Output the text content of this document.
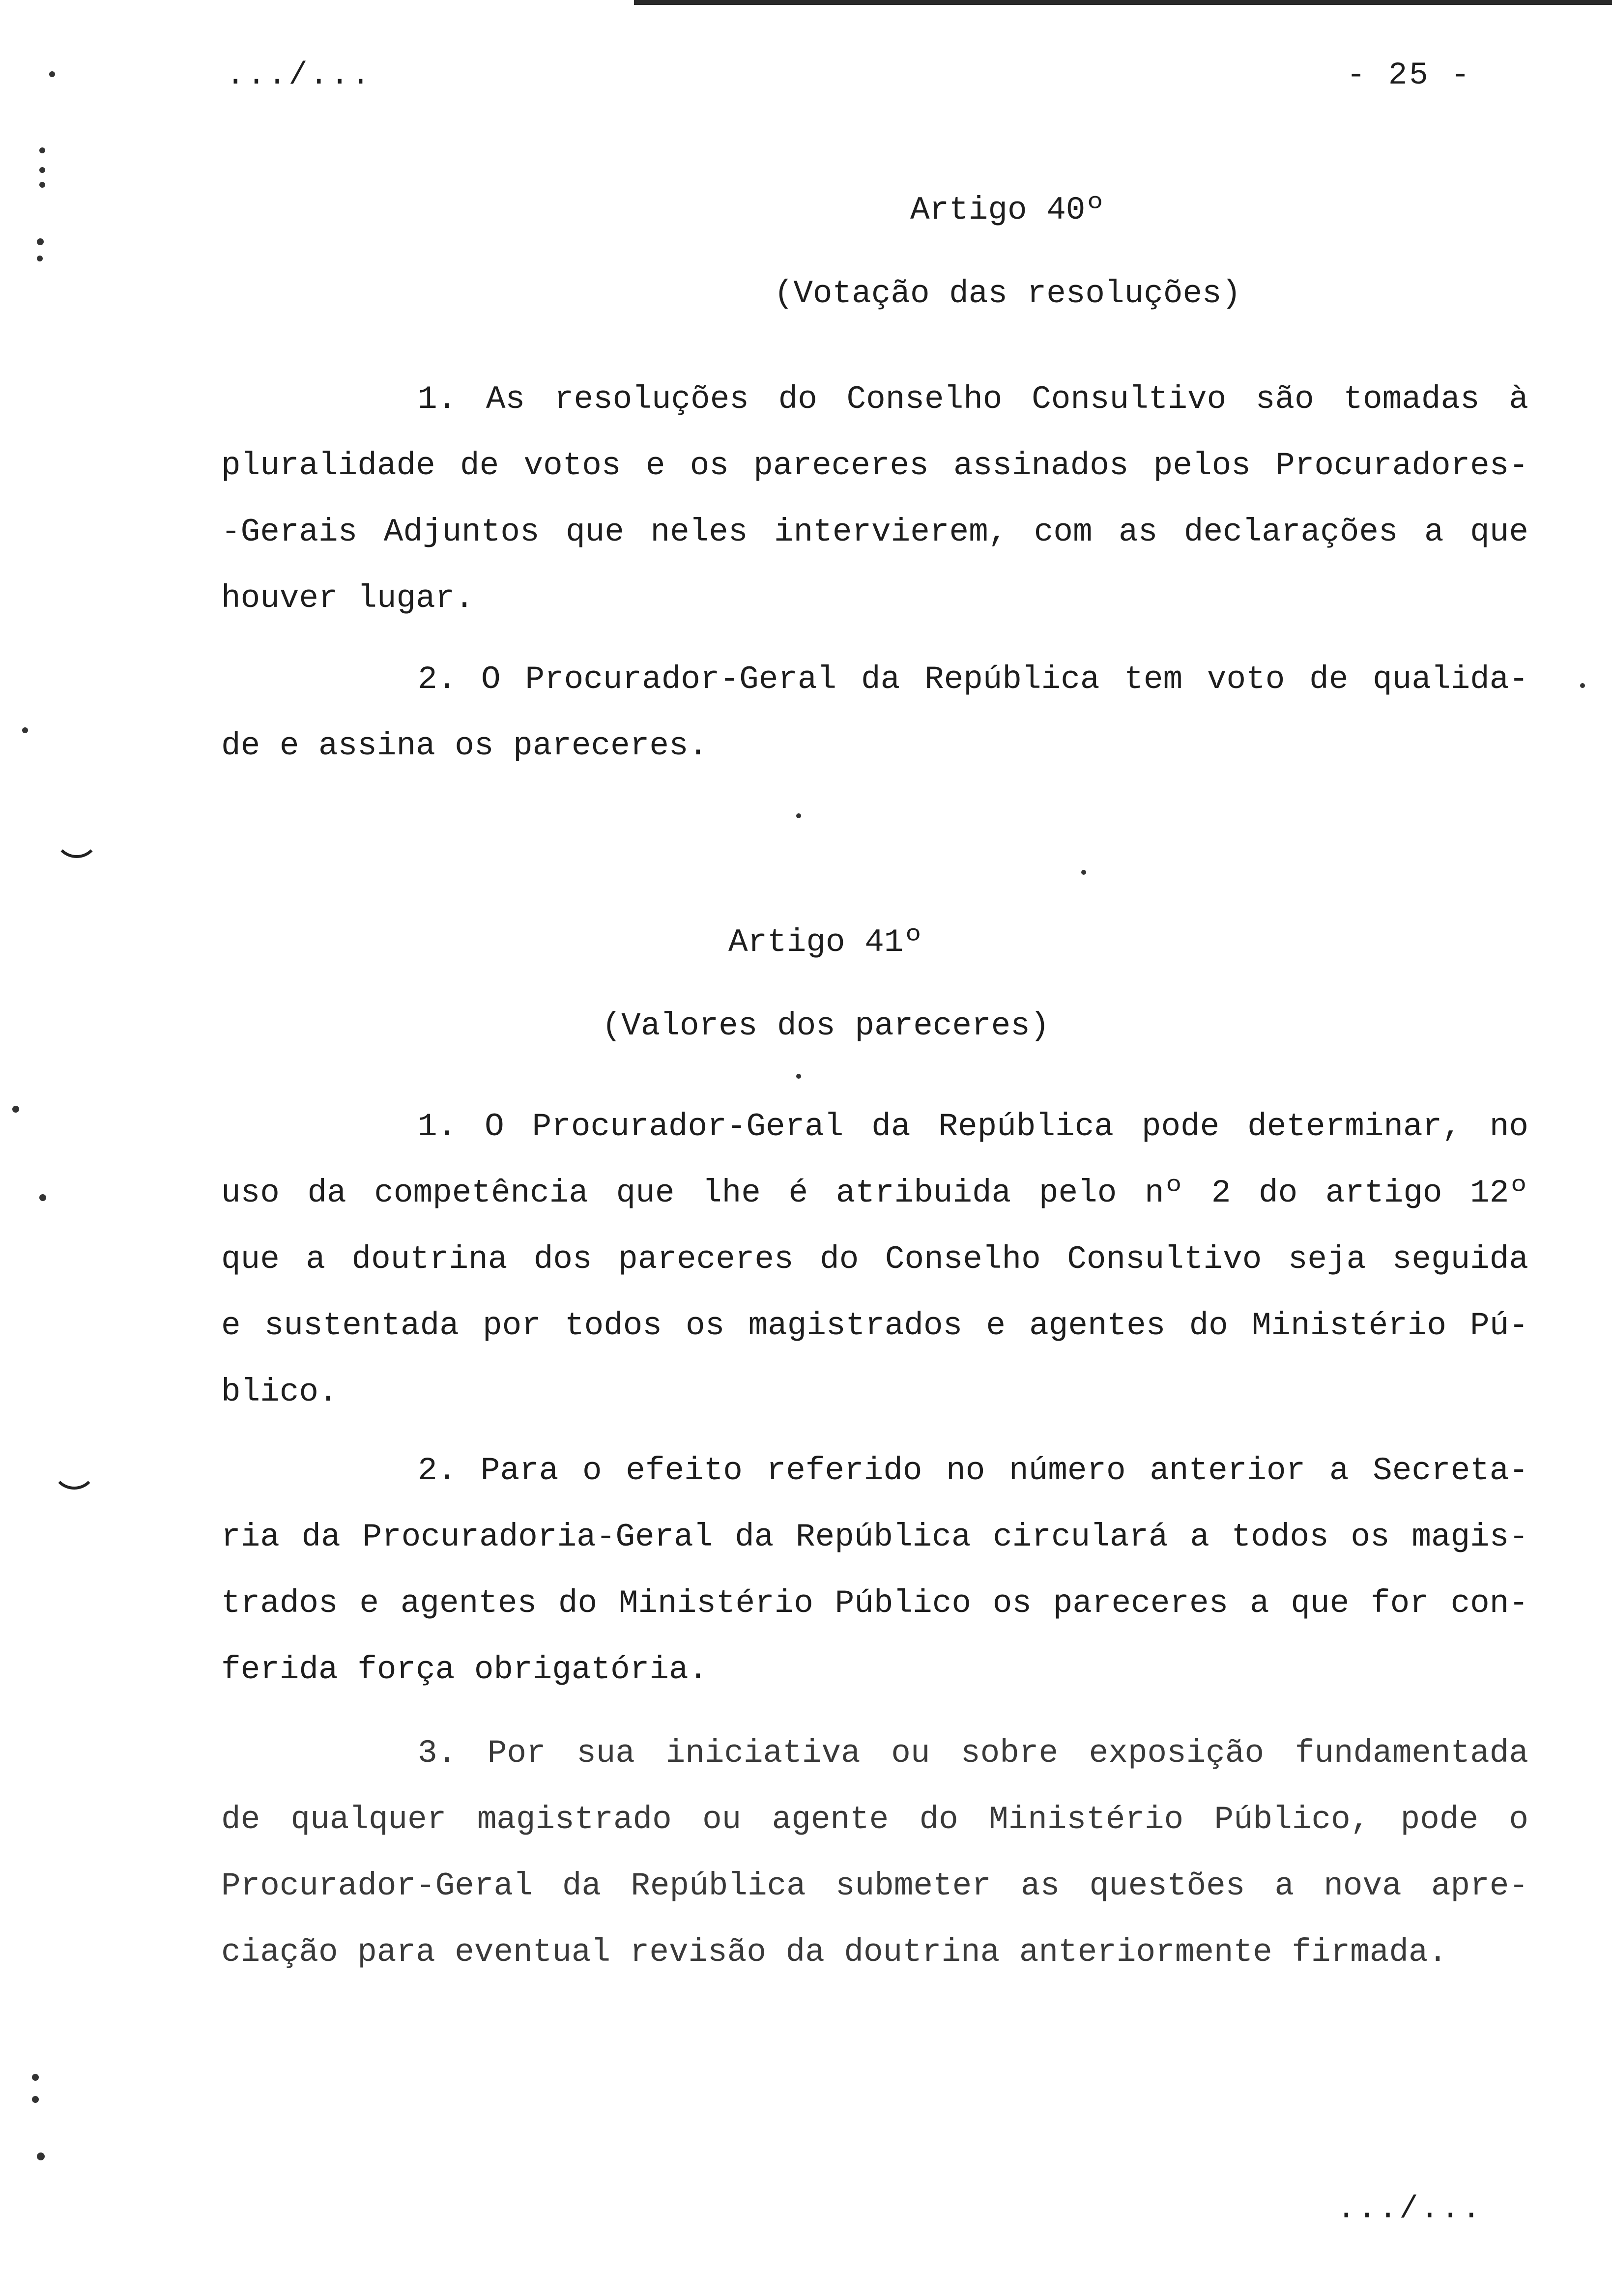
.../...	- 25 -
Artigo 40º
(Votação das resoluções)
1. As resoluções do Conselho Consultivo são tomadas à
pluralidade de votos e os pareceres assinados pelos Procuradores-
-Gerais Adjuntos que neles intervierem, com as declarações a que
houver lugar.
2. O Procurador-Geral da República tem voto de qualida-
de e assina os pareceres.
Artigo 41º
(Valores dos pareceres)
1. O Procurador-Geral da República pode determinar, no
uso da competência que lhe é atribuida pelo nº 2 do artigo 12º
que a doutrina dos pareceres do Conselho Consultivo seja seguida
e sustentada por todos os magistrados e agentes do Ministério Pú-
blico.
2. Para o efeito referido no número anterior a Secreta-
ria da Procuradoria-Geral da República circulará a todos os magis-
trados e agentes do Ministério Público os pareceres a que for con-
ferida força obrigatória.
3. Por sua iniciativa ou sobre exposição fundamentada
de qualquer magistrado ou agente do Ministério Público, pode o
Procurador-Geral da República submeter as questões a nova apre-
ciação para eventual revisão da doutrina anteriormente firmada.
.../...
